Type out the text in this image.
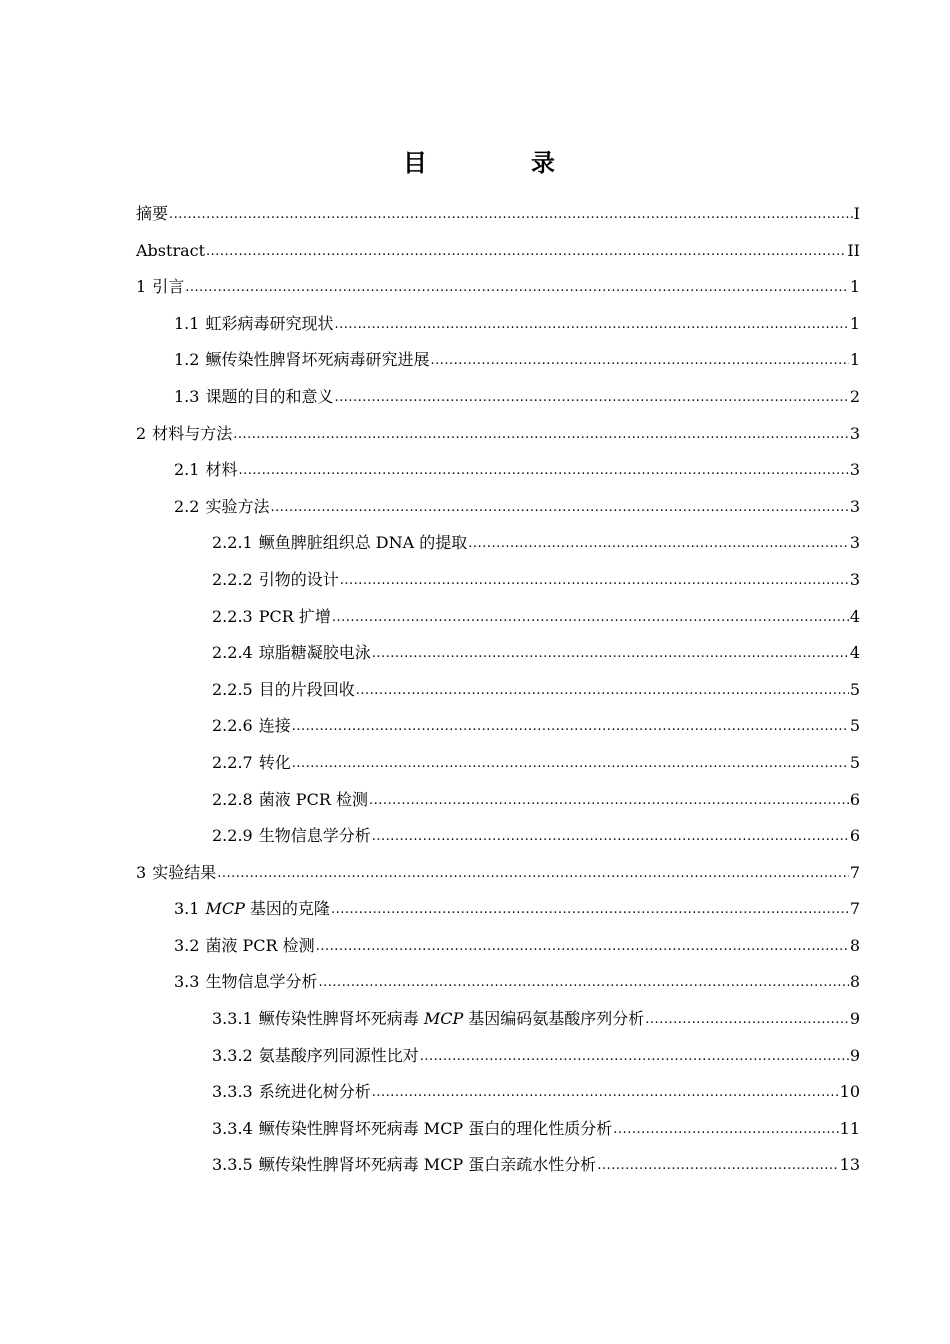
目　录
摘要 .....	I
Abstract .....	II
1 引言 .....	1
1.1 虹彩病毒研究现状 .....	1
1.2 鳜传染性脾肾坏死病毒研究进展 .....	1
1.3 课题的目的和意义 .....	2
2 材料与方法 .....	3
2.1 材料 .....	3
2.2 实验方法 .....	3
2.2.1 鳜鱼脾脏组织总 DNA 的提取 .....	3
2.2.2 引物的设计 .....	3
2.2.3 PCR 扩增 .....	4
2.2.4 琼脂糖凝胶电泳 .....	4
2.2.5 目的片段回收 .....	5
2.2.6 连接 .....	5
2.2.7 转化 .....	5
2.2.8 菌液 PCR 检测 .....	6
2.2.9 生物信息学分析 .....	6
3 实验结果 .....	7
3.1 MCP 基因的克隆 .....	7
3.2 菌液 PCR 检测 .....	8
3.3 生物信息学分析 .....	8
3.3.1 鳜传染性脾肾坏死病毒 MCP 基因编码氨基酸序列分析 .....	9
3.3.2 氨基酸序列同源性比对 .....	9
3.3.3 系统进化树分析 .....	10
3.3.4 鳜传染性脾肾坏死病毒 MCP 蛋白的理化性质分析 .....	11
3.3.5 鳜传染性脾肾坏死病毒 MCP 蛋白亲疏水性分析 .....	13
